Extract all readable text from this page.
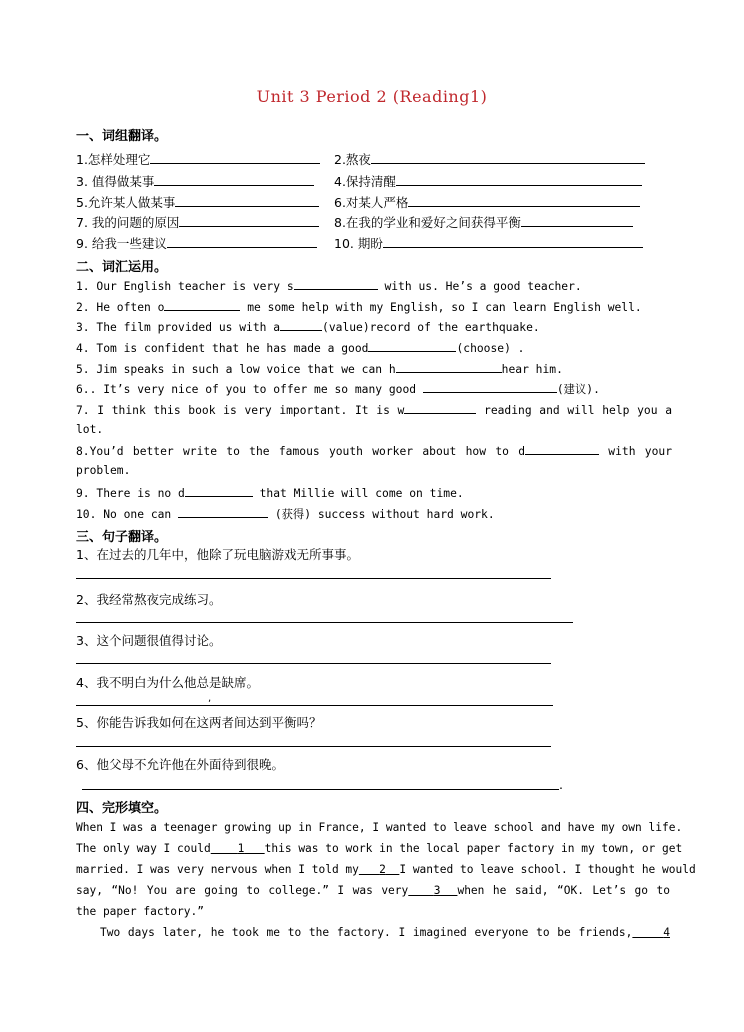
Unit 3 Period 2 (Reading1)
一、词组翻译。
1.怎样处理它	2.熬夜
3. 值得做某事	4.保持清醒
5.允许某人做某事	6.对某人严格
7. 我的问题的原因	8.在我的学业和爱好之间获得平衡
9. 给我一些建议	10. 期盼
二、词汇运用。
1. Our English teacher is very s	with us. He’s a good teacher.
2. He often o	me some help with my English, so I can learn English well.
3. The film provided us with a	(value)record of the earthquake.
4. Tom is confident that he has made a good	(choose) .
5. Jim speaks in such a low voice that we can h	hear him.
6.. It’s very nice of you to offer me so many good	(建议).
7. I think this book is very important. It is w	reading and will help you a
lot.
8.You’d better write to the famous youth worker about how to d	with your
problem.
9. There is no d	that Millie will come on time.
10. No one can	(获得) success without hard work.
三、句子翻译。
1、在过去的几年中，他除了玩电脑游戏无所事事。
2、我经常熬夜完成练习。
3、这个问题很值得讨论。
4、我不明白为什么他总是缺席。
,
5、你能告诉我如何在这两者间达到平衡吗？
6、他父母不允许他在外面待到很晚。
.
四、完形填空。
When I was a teenager growing up in France, I wanted to leave school and have my own life.
The only way I could 1 this was to work in the local paper factory in my town, or get
married. I was very nervous when I told my 2 I wanted to leave school. I thought he would
say, “No! You are going to college.” I was very 3 when he said, “OK. Let’s go to
the paper factory.”
Two days later, he took me to the factory. I imagined everyone to be friends,	4
